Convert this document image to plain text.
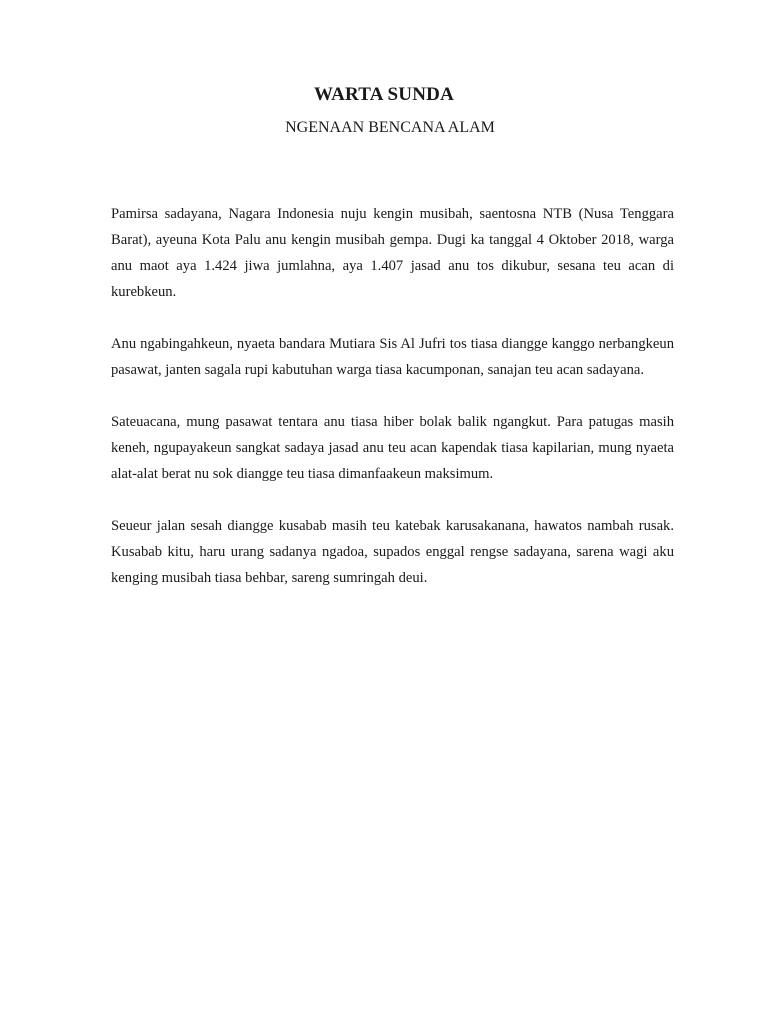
WARTA SUNDA
NGENAAN BENCANA ALAM

Pamirsa sadayana, Nagara Indonesia nuju kengin musibah, saentosna NTB (Nusa Tenggara Barat), ayeuna Kota Palu anu kengin musibah gempa. Dugi ka tanggal 4 Oktober 2018, warga anu maot aya 1.424 jiwa jumlahna, aya 1.407 jasad anu tos dikubur, sesana teu acan di kurebkeun.

Anu ngabingahkeun, nyaeta bandara Mutiara Sis Al Jufri tos tiasa diangge kanggo nerbangkeun pasawat, janten sagala rupi kabutuhan warga tiasa kacumponan, sanajan teu acan sadayana.

Sateuacana, mung pasawat tentara anu tiasa hiber bolak balik ngangkut. Para patugas masih keneh, ngupayakeun sangkat sadaya jasad anu teu acan kapendak tiasa kapilarian, mung nyaeta alat-alat berat nu sok diangge teu tiasa dimanfaakeun maksimum.

Seueur jalan sesah diangge kusabab masih teu katebak karusakanana, hawatos nambah rusak. Kusabab kitu, haru urang sadanya ngadoa, supados enggal rengse sadayana, sarena wagi aku kenging musibah tiasa behbar, sareng sumringah deui.
